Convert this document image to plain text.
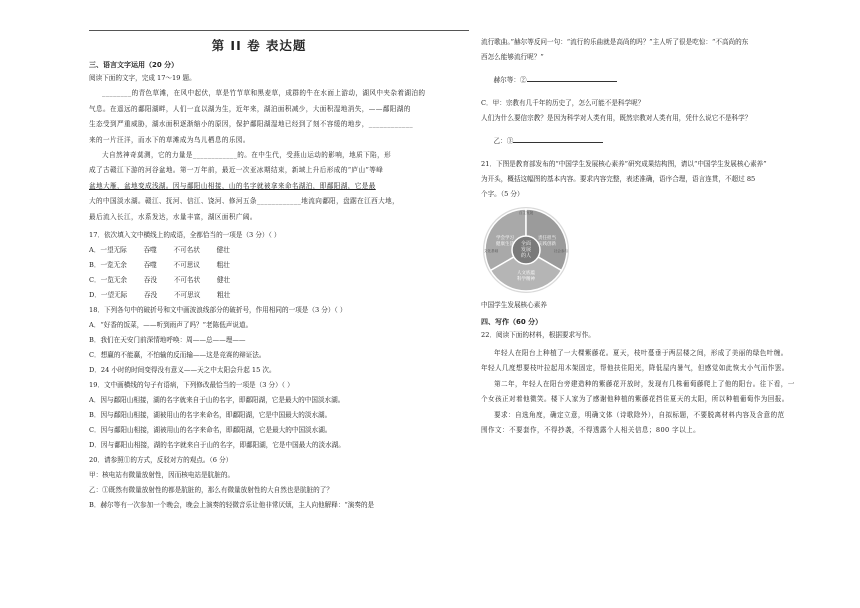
第 II 卷 表达题
三、语言文字运用（20 分）
阅读下面的文字，完成 17～19 题。

________的青色草滩，在风中起伏，草是竹节草和黑麦草，成群的牛在水面上游动，湖风中夹杂着湖泊的

气息。在遥远的鄱阳湖畔，人们一直以湖为生，近年来，湖泊面积减少，大面积湿地消失，——鄱阳湖的

生态受到严重威胁，湖水面积逐渐缩小的原因，保护鄱阳湖湿地已经到了刻不容缓的地步，____________

来的一片汪洋，而水下的草滩成为鸟儿栖息的乐园。

大自然神奇莫测，它的力量是____________的。在中生代，受燕山运动的影响，地质下陷，形

成了古赣江下游的河谷盆地。第一万年前，最近一次亚冰期结束，新域上升后形成的“庐山”等峰

盆地大雁，盆地变成浅湖。因与鄱阳山相接，山的名字就被拿来命名湖泊，即鄱阳湖，它是最

大的中国淡水湖。赣江、抚河、信江、饶河、修河五条____________地流向鄱阳，盘踞在江西大地，

最后流入长江，水系发达，水量丰富，湖区面积广阔。

17．依次填入文中横线上的成语，全都恰当的一项是（3 分）（ ）
A．一望无际        吞噬        不可名状        健壮
B．一览无余        吞噬        不可思议        粗壮
C．一览无余        吞没        不可名状        健壮
D．一望无际        吞没        不可思议        粗壮
18．下列各句中的破折号和文中画波浪线部分的破折号，作用相同的一项是（3 分）（ ）
A．“好香的饭菜，——听到雨声了吗？”老陈低声说道。
B．我们在天安门前深情地呼唤：周——总——理——
C．想赢的不能赢，不怕输的反而输——这是竞赛的辩证法。
D．24 小时的时间变得没有意义——天之中太阳会升起 15 次。
19．文中画横线的句子有语病，下列修改最恰当的一项是（3 分）（ ）
A．因与鄱阳山相接，湖的名字就来自于山的名字，即鄱阳湖，它是最大的中国淡水湖。
B．因与鄱阳山相接，湖被用山的名字来命名，即鄱阳湖，它是中国最大的淡水湖。
C．因与鄱阳山相接，湖被用山的名字来命名，即鄱阳湖，它是最大的中国淡水湖。
D．因与鄱阳山相接，湖的名字就来自于山的名字，即鄱阳湖，它是中国最大的淡水湖。
20．请参照①的方式，反驳对方的观点。（6 分）
甲：核电站有微量放射性，因而核电站是肮脏的。
乙：①既然有微量放射性的都是肮脏的，那么有微量放射性的大自然也是肮脏的了？
B．赫尔等有一次参加一个晚会，晚会上演奏的轻微音乐让他非常厌烦，主人向他解释：“演奏的是
流行歌曲。”赫尔等反问一句：“流行的乐曲就是高尚的吗？”主人听了很是吃惊：“不高尚的东
西怎么能够流行呢？”

赫尔等：②

C．甲：宗教有几千年的历史了，怎么可能不是科学呢？
人们为什么要信宗教？是因为科学对人类有用，既然宗教对人类有用，凭什么说它不是科学？

乙：③

21．下图是教育部发布的“中国学生发展核心素养”研究成果结构图，请以“中国学生发展核心素养”
为开头，概括这幅图的基本内容。要求内容完整，表述准确，语序合理，语言连贯，不超过 85
个字。（5 分）
全面
发展
的人
学会学习
健康生活
责任担当
实践创新
人文底蕴
科学精神
自主发展
社会参与
文化基础
中国学生发展核心素养
四、写作（60 分）
22．阅读下面的材料，根据要求写作。

年轻人在阳台上种植了一大棵紫藤花。夏天，枝叶蔓垂于两层楼之间，形成了美丽的绿色叶缠。

年轻人几度想要枝叶拉起用木架固定，帮他扶住阳光，降低屋内暑气，但感觉如此恢太小气而作罢。

第二年，年轻人在阳台旁建造种的紫藤花开放时，发现有几株葡萄藤爬上了他的阳台。往下看，一

个女孩正对着他微笑。楼下人家为了感谢他种植的紫藤花挡住夏天的太阳，所以种植葡萄作为回报。

要求：自选角度，确定立意，明确文体（诗歌除外），自拟标题，不要脱离材料内容及含意的范

围作文：不要套作，不得抄袭，不得透露个人相关信息；800 字以上。
